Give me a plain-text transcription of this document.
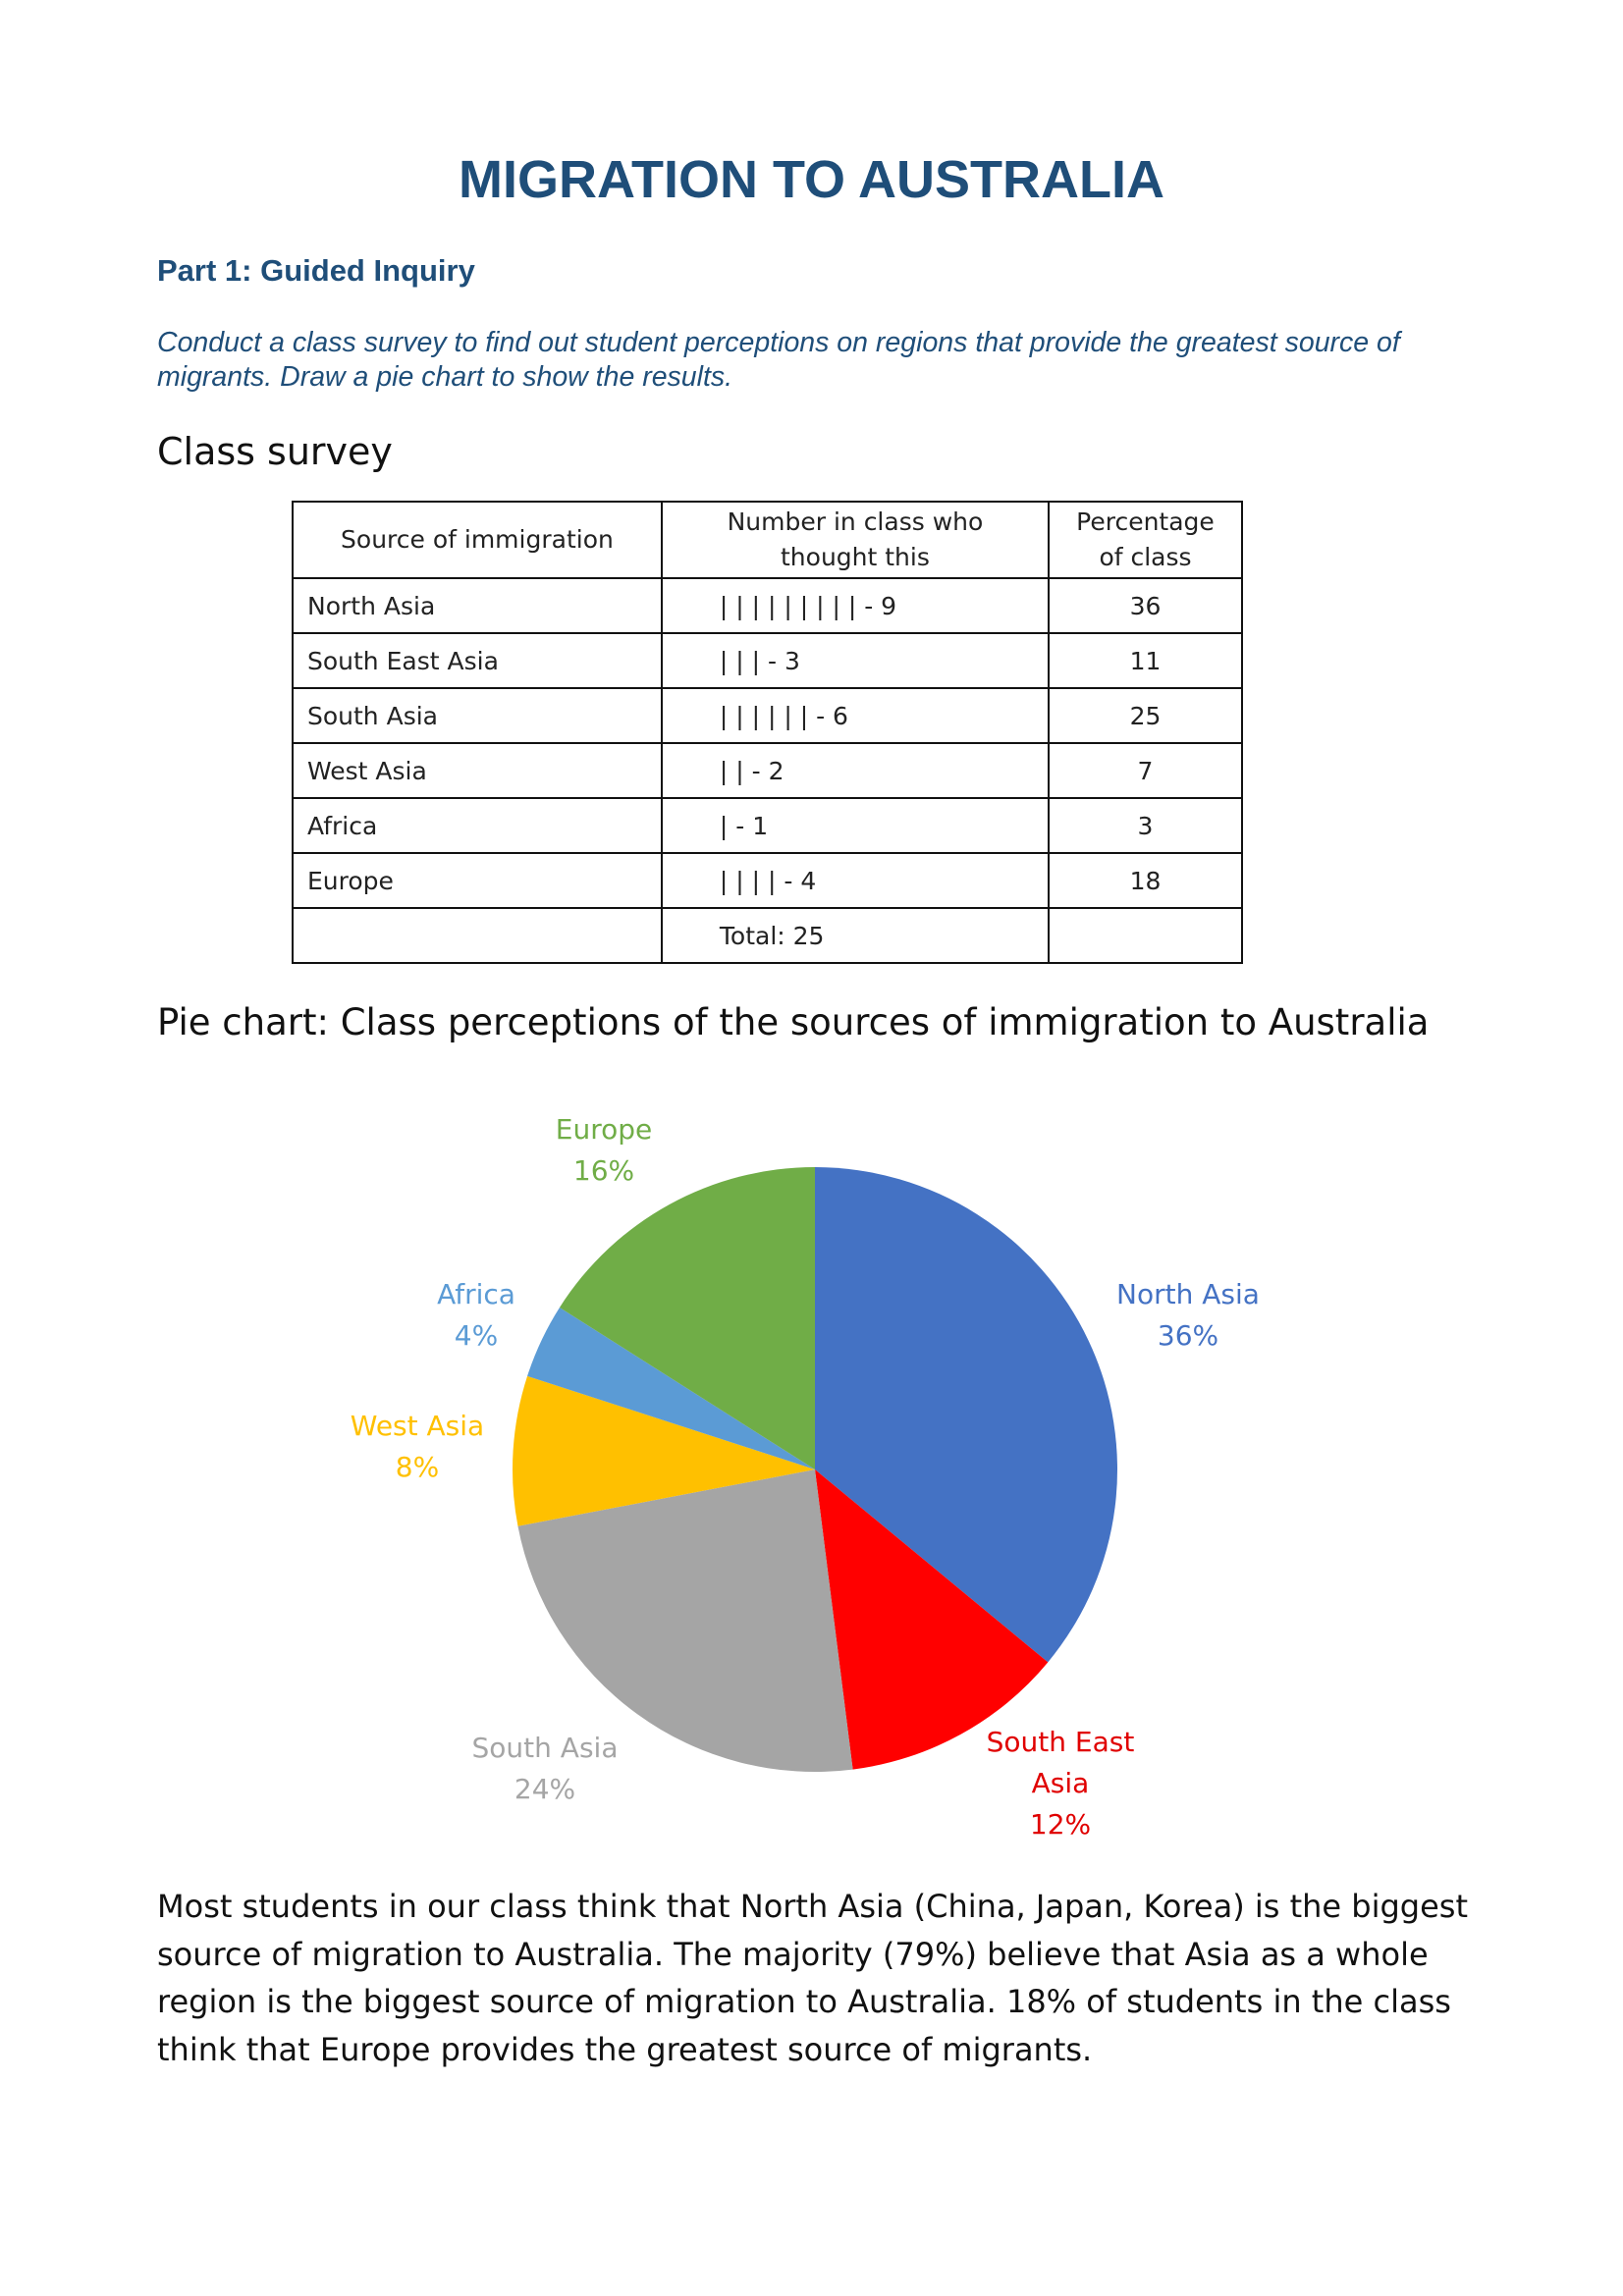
MIGRATION TO AUSTRALIA
Part 1: Guided Inquiry

Conduct a class survey to find out student perceptions on regions that provide the greatest source of migrants. Draw a pie chart to show the results.

Class survey
Source of immigration	Number in class who thought this	Percentage of class
North Asia	| | | | | | | | | - 9	36
South East Asia	| | | - 3	11
South Asia	| | | | | | - 6	25
West Asia	| | - 2	7
Africa	| - 1	3
Europe	| | | | - 4	18
	Total: 25	
Pie chart: Class perceptions of the sources of immigration to Australia
North Asia
36%
South East Asia
12%
South Asia
24%
West Asia
8%
Africa
4%
Europe
16%

Most students in our class think that North Asia (China, Japan, Korea) is the biggest source of migration to Australia. The majority (79%) believe that Asia as a whole region is the biggest source of migration to Australia. 18% of students in the class think that Europe provides the greatest source of migrants.
